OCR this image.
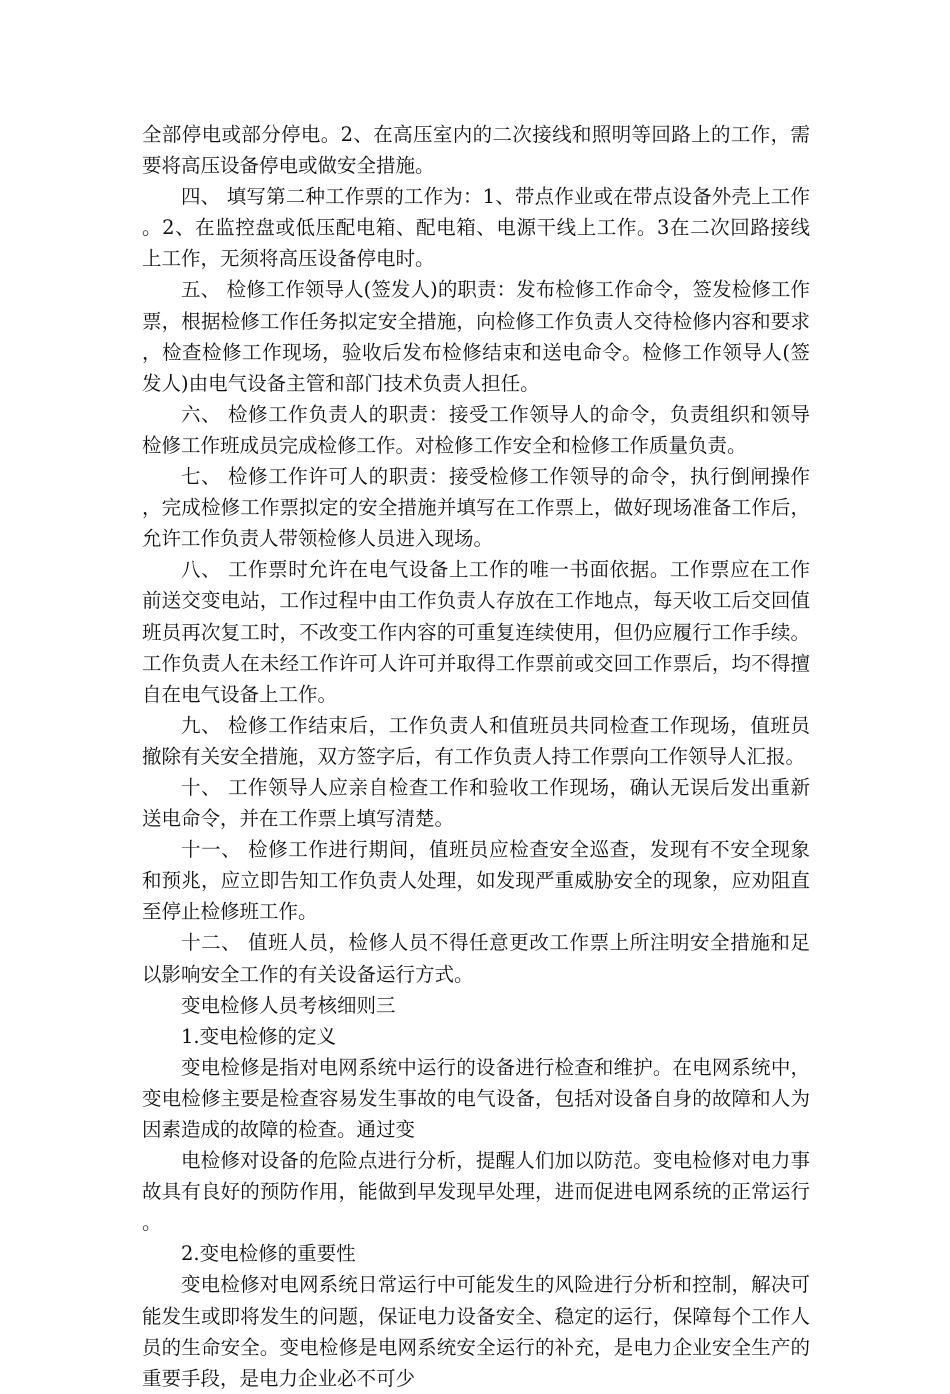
全部停电或部分停电。2、在高压室内的二次接线和照明等回路上的工作，需要将高压设备停电或做安全措施。

四、 填写第二种工作票的工作为：1、带点作业或在带点设备外壳上工作。2、在监控盘或低压配电箱、配电箱、电源干线上工作。3在二次回路接线上工作，无须将高压设备停电时。

五、 检修工作领导人(签发人)的职责：发布检修工作命令，签发检修工作票，根据检修工作任务拟定安全措施，向检修工作负责人交待检修内容和要求，检查检修工作现场，验收后发布检修结束和送电命令。检修工作领导人(签发人)由电气设备主管和部门技术负责人担任。

六、 检修工作负责人的职责：接受工作领导人的命令，负责组织和领导检修工作班成员完成检修工作。对检修工作安全和检修工作质量负责。

七、 检修工作许可人的职责：接受检修工作领导的命令，执行倒闸操作，完成检修工作票拟定的安全措施并填写在工作票上，做好现场准备工作后，允许工作负责人带领检修人员进入现场。

八、 工作票时允许在电气设备上工作的唯一书面依据。工作票应在工作前送交变电站，工作过程中由工作负责人存放在工作地点，每天收工后交回值班员再次复工时，不改变工作内容的可重复连续使用，但仍应履行工作手续。工作负责人在未经工作许可人许可并取得工作票前或交回工作票后，均不得擅自在电气设备上工作。

九、 检修工作结束后，工作负责人和值班员共同检查工作现场，值班员撤除有关安全措施，双方签字后，有工作负责人持工作票向工作领导人汇报。

十、 工作领导人应亲自检查工作和验收工作现场，确认无误后发出重新送电命令，并在工作票上填写清楚。

十一、 检修工作进行期间，值班员应检查安全巡查，发现有不安全现象和预兆，应立即告知工作负责人处理，如发现严重威胁安全的现象，应劝阻直至停止检修班工作。

十二、 值班人员，检修人员不得任意更改工作票上所注明安全措施和足以影响安全工作的有关设备运行方式。

变电检修人员考核细则三

1.变电检修的定义

变电检修是指对电网系统中运行的设备进行检查和维护。在电网系统中，变电检修主要是检查容易发生事故的电气设备，包括对设备自身的故障和人为因素造成的故障的检查。通过变

电检修对设备的危险点进行分析，提醒人们加以防范。变电检修对电力事故具有良好的预防作用，能做到早发现早处理，进而促进电网系统的正常运行。

2.变电检修的重要性

变电检修对电网系统日常运行中可能发生的风险进行分析和控制，解决可能发生或即将发生的问题，保证电力设备安全、稳定的运行，保障每个工作人员的生命安全。变电检修是电网系统安全运行的补充，是电力企业安全生产的重要手段，是电力企业必不可少
